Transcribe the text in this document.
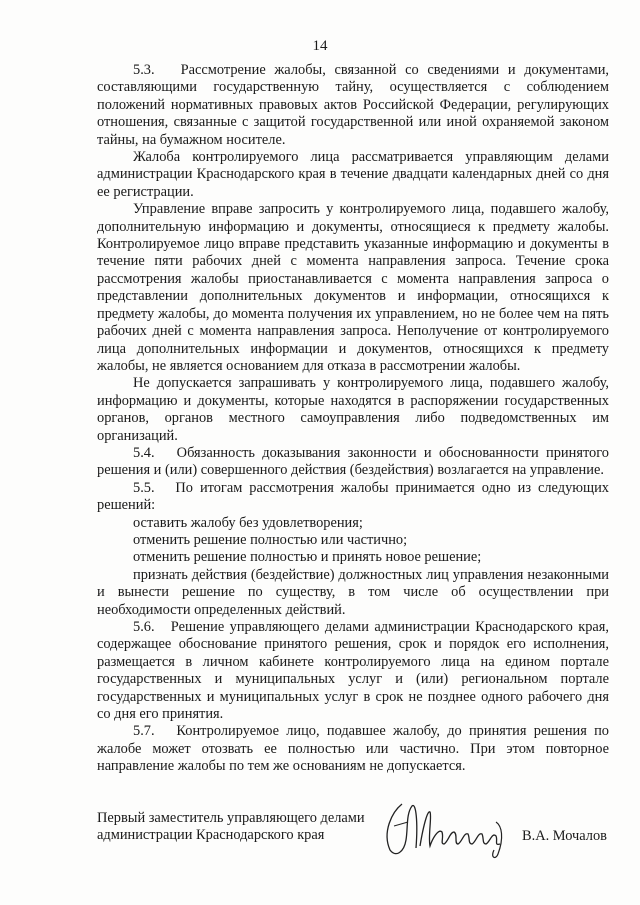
14

5.3.   Рассмотрение жалобы, связанной со сведениями и документами, составляющими государственную тайну, осуществляется с соблюдением положений нормативных правовых актов Российской Федерации, регулирующих отношения, связанные с защитой государственной или иной охраняемой законом тайны, на бумажном носителе.

Жалоба контролируемого лица рассматривается управляющим делами администрации Краснодарского края в течение двадцати календарных дней со дня ее регистрации.

Управление вправе запросить у контролируемого лица, подавшего жалобу, дополнительную информацию и документы, относящиеся к предмету жалобы. Контролируемое лицо вправе представить указанные информацию и документы в течение пяти рабочих дней с момента направления запроса. Течение срока рассмотрения жалобы приостанавливается с момента направления запроса о представлении дополнительных документов и информации, относящихся к предмету жалобы, до момента получения их управлением, но не более чем на пять рабочих дней с момента направления запроса. Неполучение от контролируемого лица дополнительных информации и документов, относящихся к предмету жалобы, не является основанием для отказа в рассмотрении жалобы.

Не допускается запрашивать у контролируемого лица, подавшего жалобу, информацию и документы, которые находятся в распоряжении государственных органов, органов местного самоуправления либо подведомственных им организаций.

5.4.   Обязанность доказывания законности и обоснованности принятого решения и (или) совершенного действия (бездействия) возлагается на управление.

5.5.   По итогам рассмотрения жалобы принимается одно из следующих решений:

оставить жалобу без удовлетворения;

отменить решение полностью или частично;

отменить решение полностью и принять новое решение;

признать действия (бездействие) должностных лиц управления незаконными и вынести решение по существу, в том числе об осуществлении при необходимости определенных действий.

5.6.   Решение управляющего делами администрации Краснодарского края, содержащее обоснование принятого решения, срок и порядок его исполнения, размещается в личном кабинете контролируемого лица на едином портале государственных и муниципальных услуг и (или) региональном портале государственных и муниципальных услуг в срок не позднее одного рабочего дня со дня его принятия.

5.7.   Контролируемое лицо, подавшее жалобу, до принятия решения по жалобе может отозвать ее полностью или частично. При этом повторное направление жалобы по тем же основаниям не допускается.

Первый заместитель управляющего делами
администрации Краснодарского края	В.А. Мочалов
